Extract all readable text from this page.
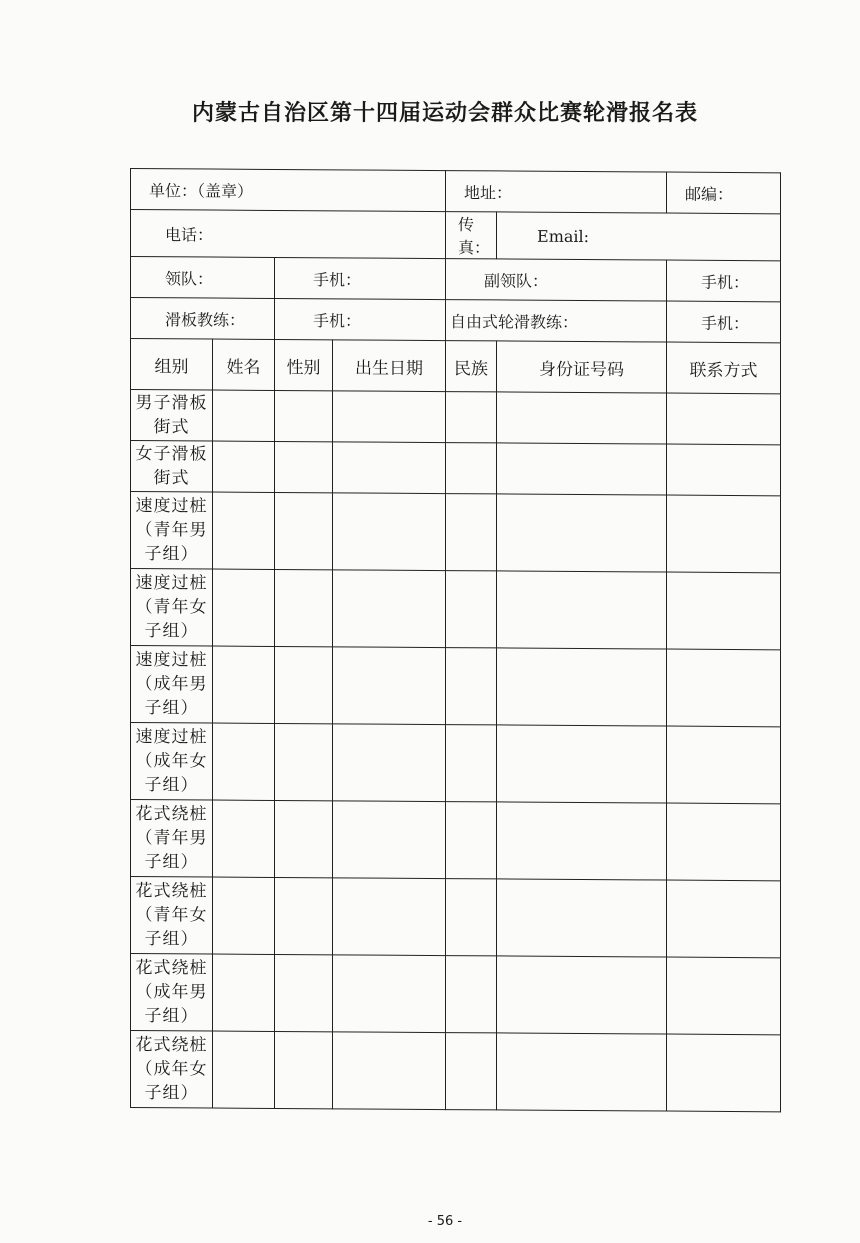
内蒙古自治区第十四届运动会群众比赛轮滑报名表
单位：（盖章）				地址：		邮编：
电话：				传真：	Email:	
领队：		手机：		副领队：		手机：
滑板教练：		手机：		自由式轮滑教练：		手机：
组别	姓名	性别	出生日期	民族	身份证号码	联系方式
男子滑板街式						
女子滑板街式						
速度过桩（青年男子组）						
速度过桩（青年女子组）						
速度过桩（成年男子组）						
速度过桩（成年女子组）						
花式绕桩（青年男子组）						
花式绕桩（青年女子组）						
花式绕桩（成年男子组）						
花式绕桩（成年女子组）						
- 56 -
